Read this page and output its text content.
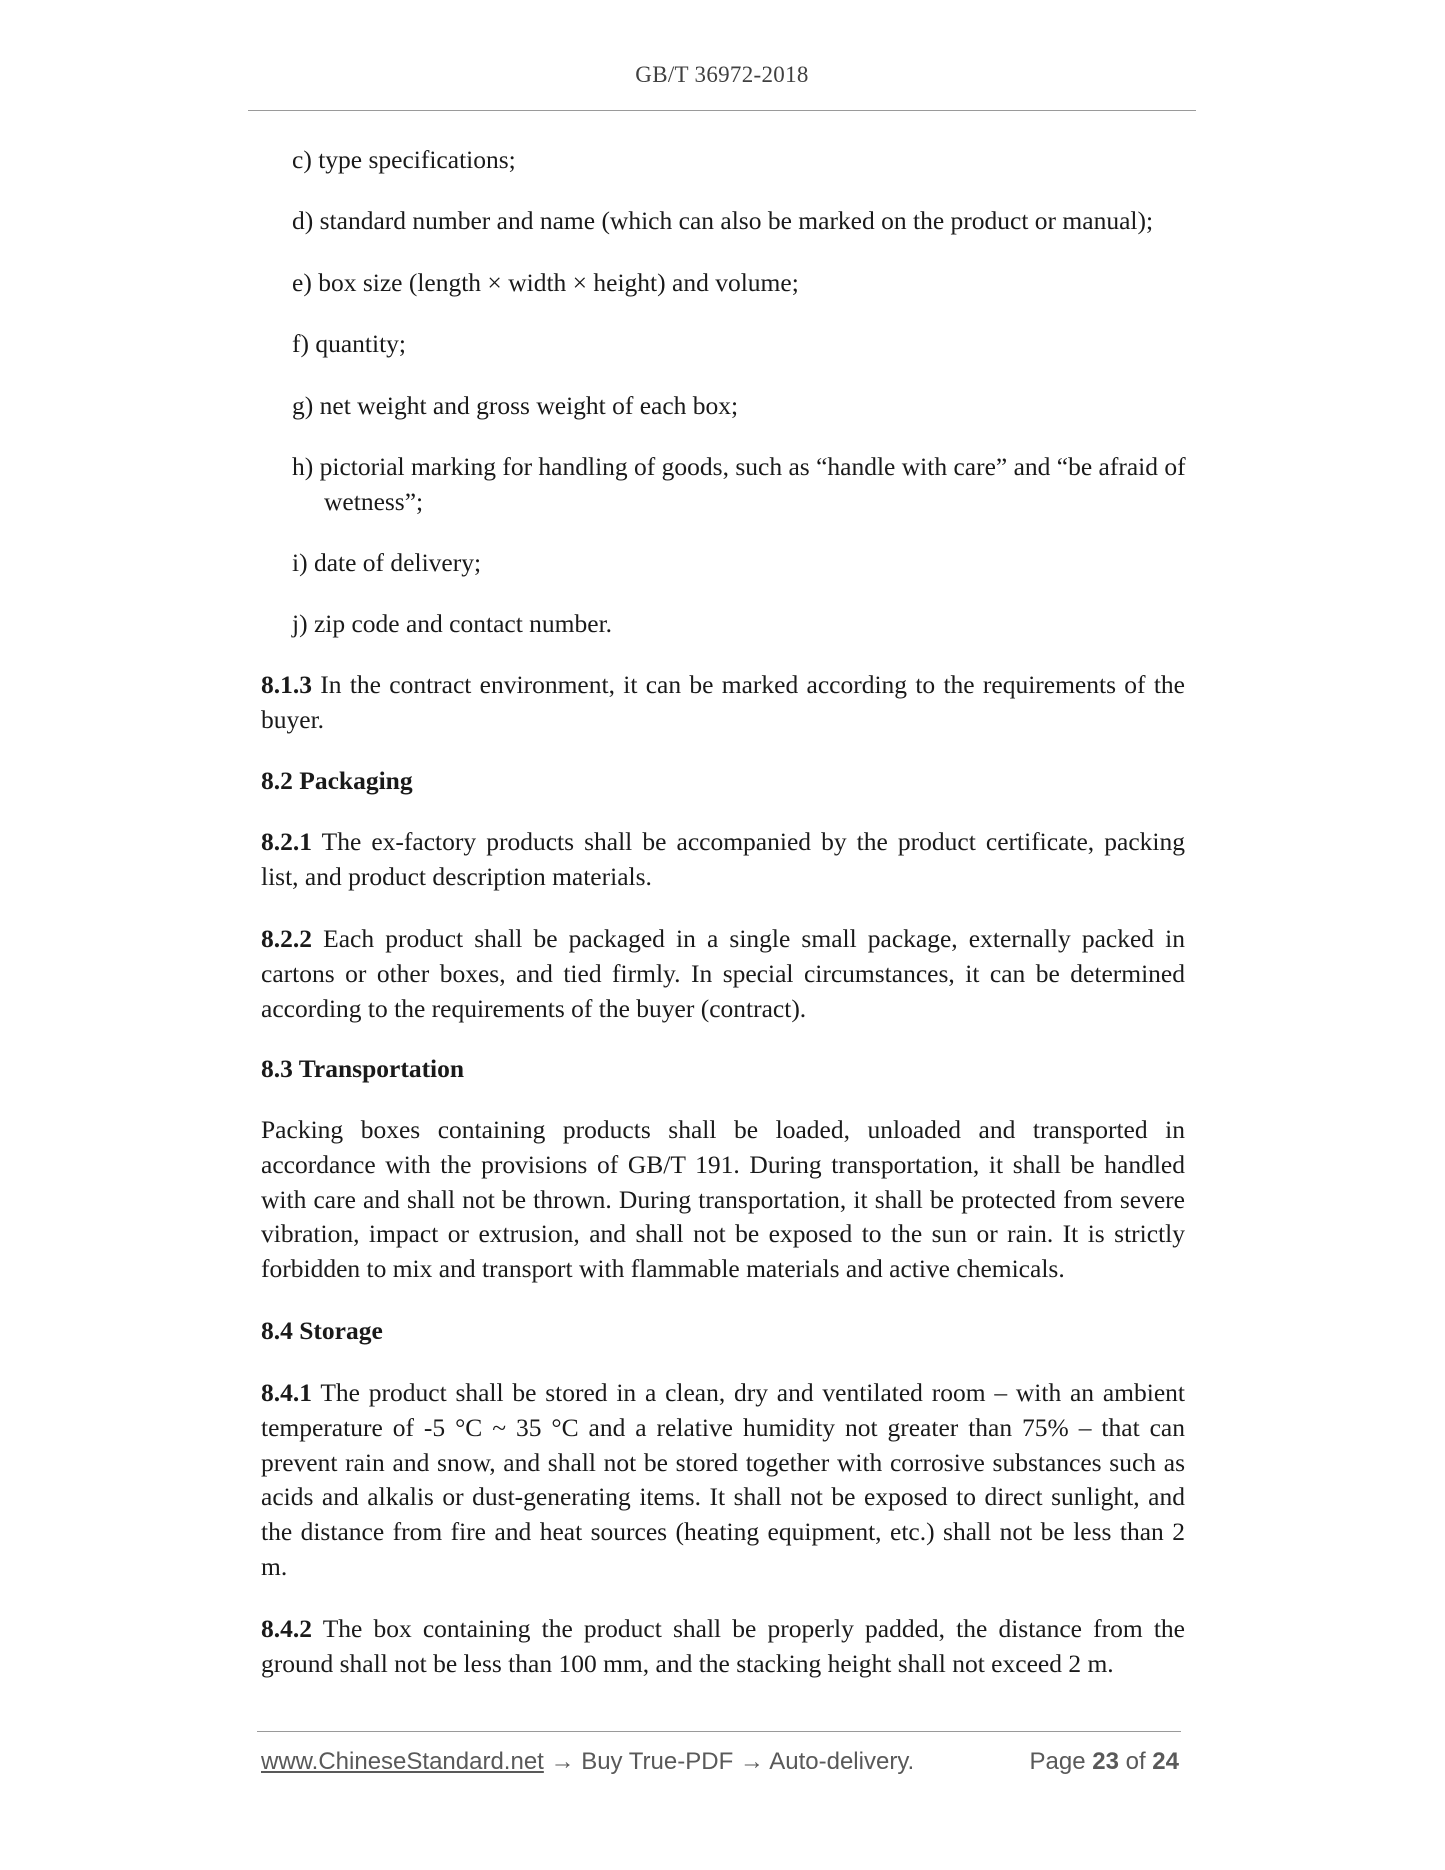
GB/T 36972-2018
c) type specifications;
d) standard number and name (which can also be marked on the product or manual);
e) box size (length × width × height) and volume;
f) quantity;
g) net weight and gross weight of each box;
h) pictorial marking for handling of goods, such as “handle with care” and “be afraid of wetness”;
i) date of delivery;
j) zip code and contact number.
8.1.3 In the contract environment, it can be marked according to the requirements of the buyer.
8.2 Packaging
8.2.1 The ex-factory products shall be accompanied by the product certificate, packing list, and product description materials.
8.2.2 Each product shall be packaged in a single small package, externally packed in cartons or other boxes, and tied firmly. In special circumstances, it can be determined according to the requirements of the buyer (contract).
8.3 Transportation
Packing boxes containing products shall be loaded, unloaded and transported in accordance with the provisions of GB/T 191. During transportation, it shall be handled with care and shall not be thrown. During transportation, it shall be protected from severe vibration, impact or extrusion, and shall not be exposed to the sun or rain. It is strictly forbidden to mix and transport with flammable materials and active chemicals.
8.4 Storage
8.4.1 The product shall be stored in a clean, dry and ventilated room – with an ambient temperature of -5 °C ~ 35 °C and a relative humidity not greater than 75% – that can prevent rain and snow, and shall not be stored together with corrosive substances such as acids and alkalis or dust-generating items. It shall not be exposed to direct sunlight, and the distance from fire and heat sources (heating equipment, etc.) shall not be less than 2 m.
8.4.2 The box containing the product shall be properly padded, the distance from the ground shall not be less than 100 mm, and the stacking height shall not exceed 2 m.
www.ChineseStandard.net → Buy True-PDF → Auto-delivery.	Page 23 of 24
